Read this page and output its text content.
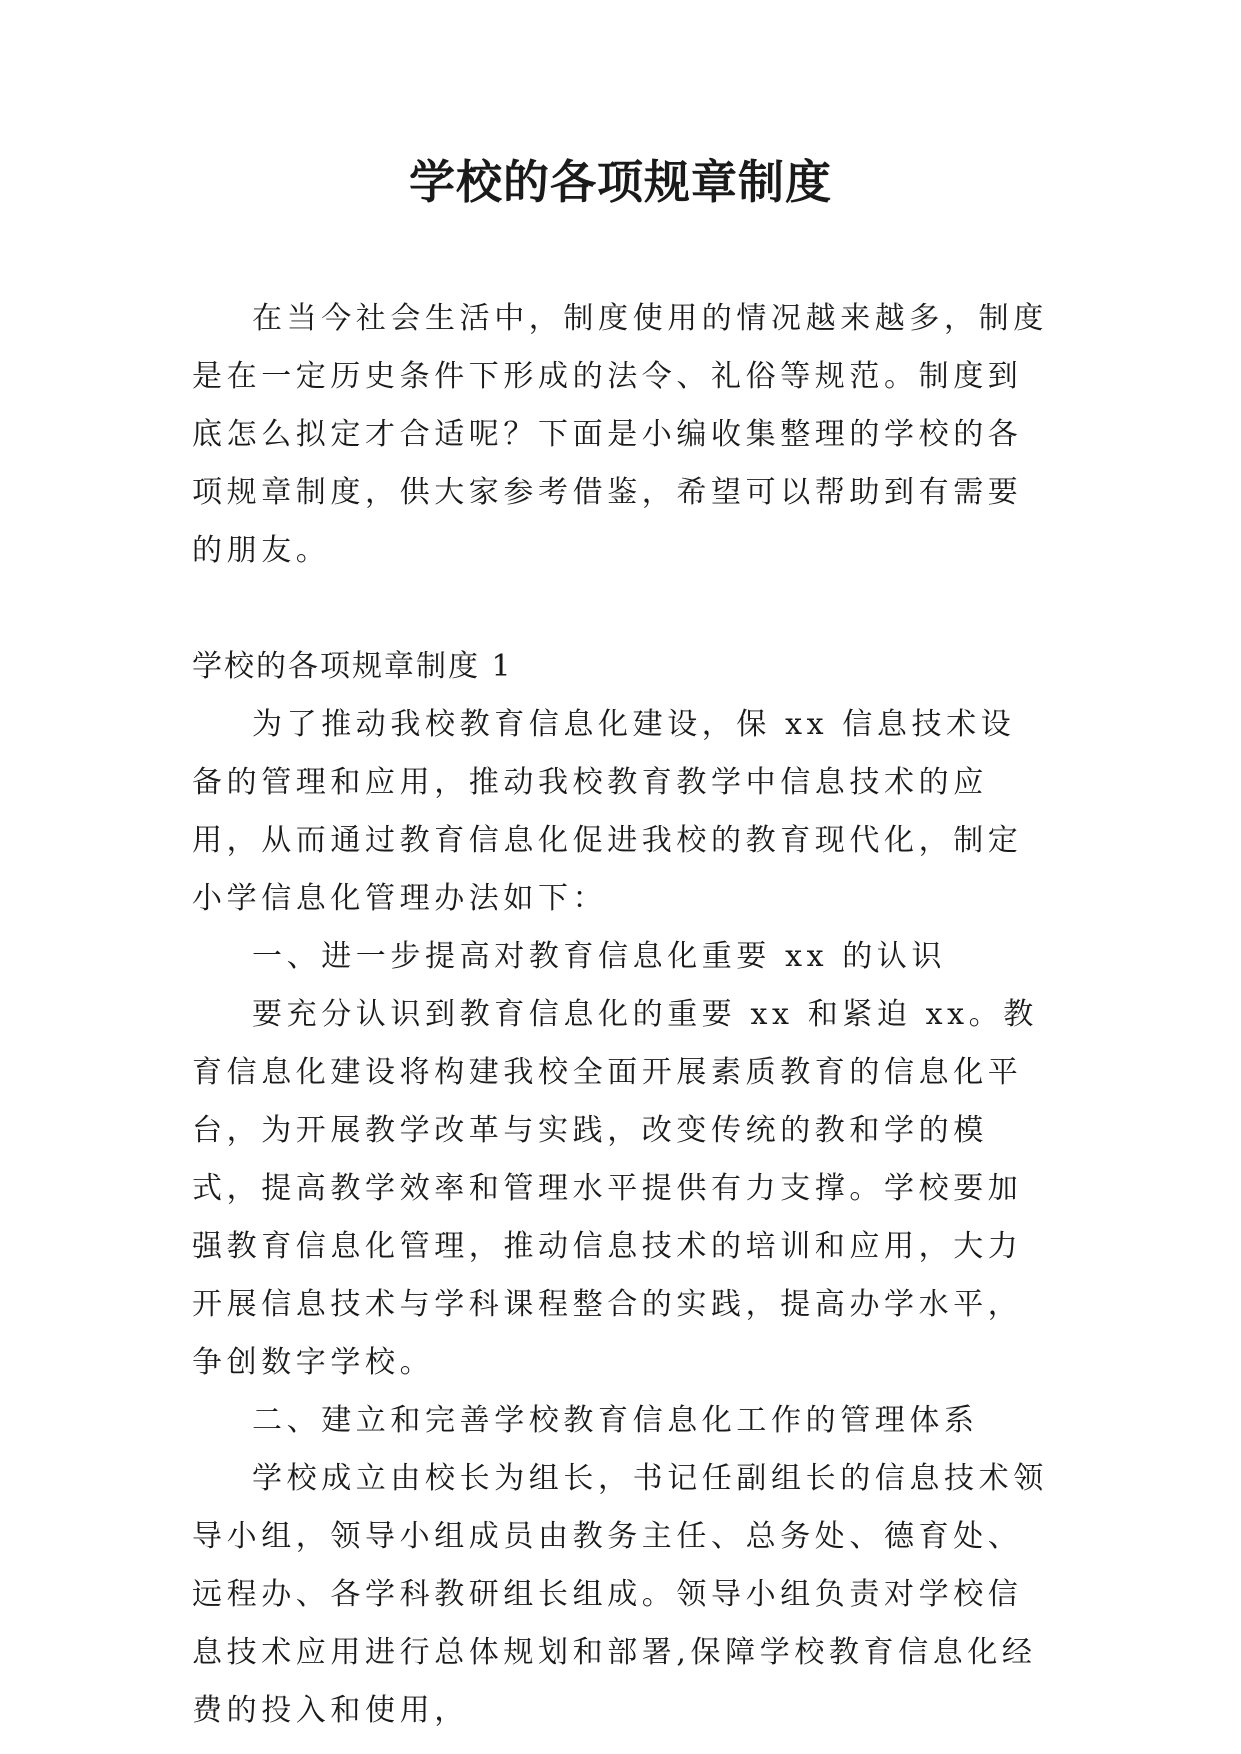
学校的各项规章制度

在当今社会生活中，制度使用的情况越来越多，制度是在一定历史条件下形成的法令、礼俗等规范。制度到底怎么拟定才合适呢？下面是小编收集整理的学校的各项规章制度，供大家参考借鉴，希望可以帮助到有需要的朋友。

学校的各项规章制度 1

为了推动我校教育信息化建设，保 xx 信息技术设备的管理和应用，推动我校教育教学中信息技术的应用，从而通过教育信息化促进我校的教育现代化，制定小学信息化管理办法如下：

一、进一步提高对教育信息化重要 xx 的认识

要充分认识到教育信息化的重要 xx 和紧迫 xx。教育信息化建设将构建我校全面开展素质教育的信息化平台，为开展教学改革与实践，改变传统的教和学的模式，提高教学效率和管理水平提供有力支撑。学校要加强教育信息化管理，推动信息技术的培训和应用，大力开展信息技术与学科课程整合的实践，提高办学水平，争创数字学校。

二、建立和完善学校教育信息化工作的管理体系

学校成立由校长为组长，书记任副组长的信息技术领导小组，领导小组成员由教务主任、总务处、德育处、远程办、各学科教研组长组成。领导小组负责对学校信息技术应用进行总体规划和部署,保障学校教育信息化经费的投入和使用，
